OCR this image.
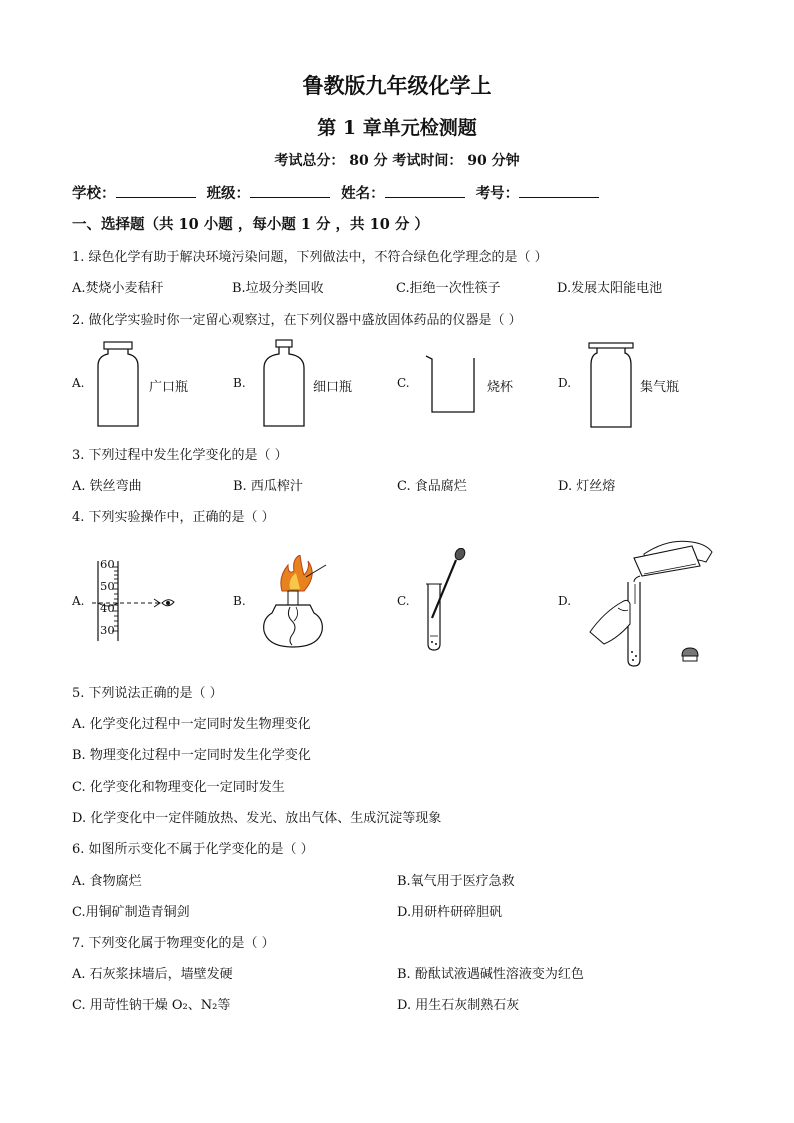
鲁教版九年级化学上
第 1 章单元检测题
考试总分： 80 分 考试时间： 90 分钟
学校：	班级：	姓名：	考号：
一、选择题（共 10 小题 ，每小题 1 分 ，共 10 分 ）
1. 绿色化学有助于解决环境污染问题，下列做法中，不符合绿色化学理念的是（ ）
A.焚烧小麦秸秆	B.垃圾分类回收	C.拒绝一次性筷子	D.发展太阳能电池
2. 做化学实验时你一定留心观察过，在下列仪器中盛放固体药品的仪器是（ ）
A.	广口瓶	B.	细口瓶	C.	烧杯	D.	集气瓶
3. 下列过程中发生化学变化的是（ ）
A. 铁丝弯曲	B. 西瓜榨汁	C. 食品腐烂	D. 灯丝熔
4. 下列实验操作中，正确的是（ ）
A.
60
50
40
30
B.	C.	D.
5. 下列说法正确的是（ ）
A. 化学变化过程中一定同时发生物理变化
B. 物理变化过程中一定同时发生化学变化
C. 化学变化和物理变化一定同时发生
D. 化学变化中一定伴随放热、发光、放出气体、生成沉淀等现象
6. 如图所示变化不属于化学变化的是（ ）
A. 食物腐烂	B.氧气用于医疗急救
C.用铜矿制造青铜剑	D.用研杵研碎胆矾
7. 下列变化属于物理变化的是（ ）
A. 石灰浆抹墙后，墙壁发硬	B. 酚酞试液遇碱性溶液变为红色
C. 用苛性钠干燥 O₂、N₂等	D. 用生石灰制熟石灰
